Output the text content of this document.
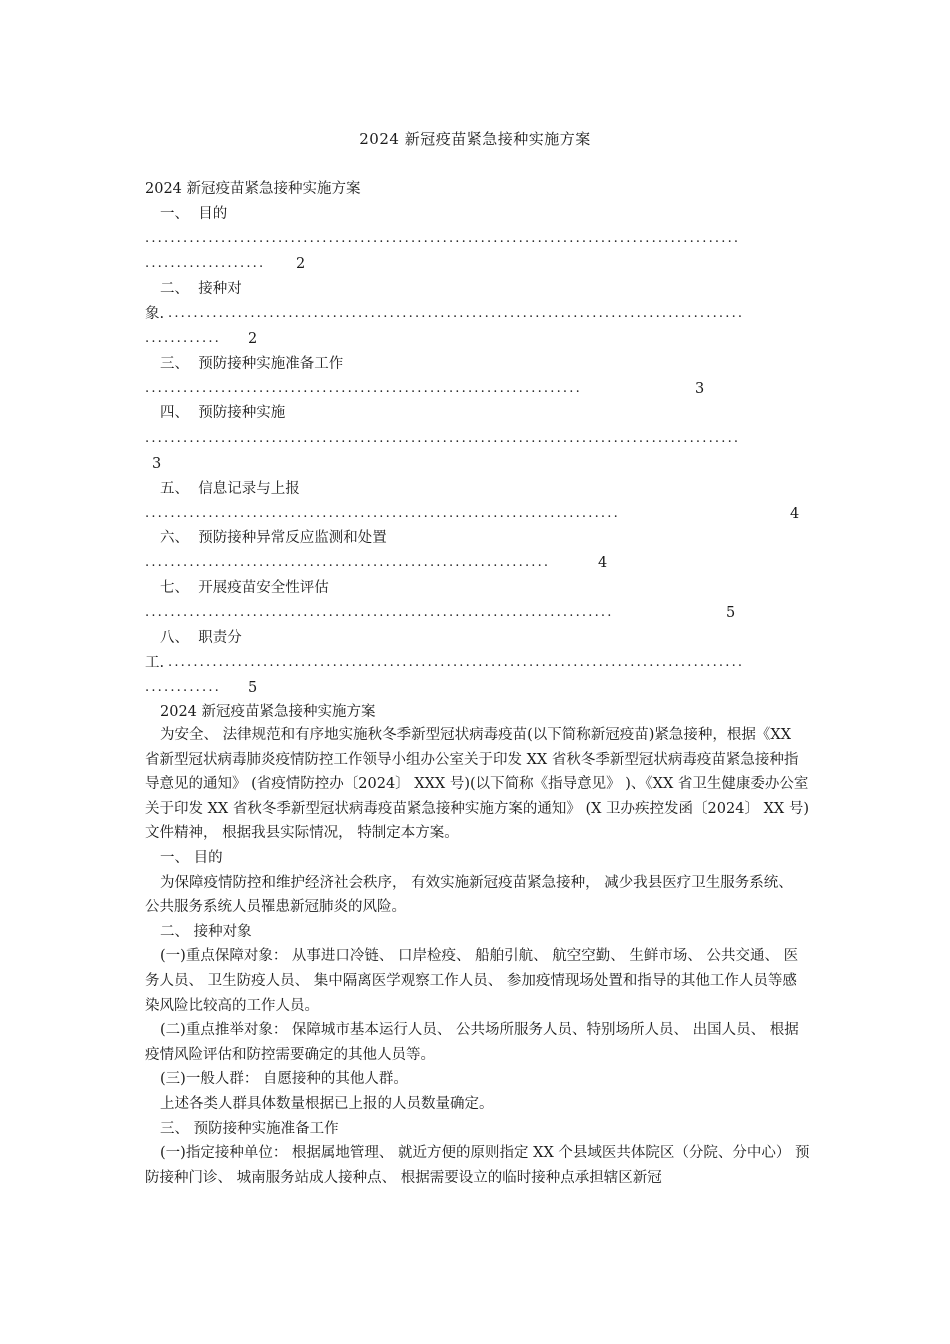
2024 新冠疫苗紧急接种实施方案
2024 新冠疫苗紧急接种实施方案
一、  目的
..............................................................................................
...................	2
二、  接种对
象. ...........................................................................................
............	2
三、  预防接种实施准备工作
.....................................................................	3
四、  预防接种实施
..............................................................................................
3
五、  信息记录与上报
...........................................................................	4
六、  预防接种异常反应监测和处置
................................................................	4
七、  开展疫苗安全性评估
..........................................................................	5
八、  职责分
工. ...........................................................................................
............	5
2024 新冠疫苗紧急接种实施方案

为安全、 法律规范和有序地实施秋冬季新型冠状病毒疫苗(以下简称新冠疫苗)紧急接种，根据《XX 省新型冠状病毒肺炎疫情防控工作领导小组办公室关于印发 XX 省秋冬季新型冠状病毒疫苗紧急接种指导意见的通知》 (省疫情防控办〔2024〕 XXX 号)(以下简称《指导意见》 )、《XX 省卫生健康委办公室关于印发 XX 省秋冬季新型冠状病毒疫苗紧急接种实施方案的通知》 (X 卫办疾控发函〔2024〕 XX 号)文件精神， 根据我县实际情况， 特制定本方案。

一、 目的

为保障疫情防控和维护经济社会秩序， 有效实施新冠疫苗紧急接种， 减少我县医疗卫生服务系统、 公共服务系统人员罹患新冠肺炎的风险。

二、 接种对象

(一)重点保障对象： 从事进口冷链、 口岸检疫、 船舶引航、 航空空勤、 生鲜市场、 公共交通、 医务人员、 卫生防疫人员、 集中隔离医学观察工作人员、 参加疫情现场处置和指导的其他工作人员等感染风险比较高的工作人员。

(二)重点推举对象： 保障城市基本运行人员、 公共场所服务人员、特别场所人员、 出国人员、 根据疫情风险评估和防控需要确定的其他人员等。

(三)一般人群： 自愿接种的其他人群。

上述各类人群具体数量根据已上报的人员数量确定。

三、 预防接种实施准备工作

(一)指定接种单位： 根据属地管理、 就近方便的原则指定 XX 个县域医共体院区（分院、分中心） 预防接种门诊、 城南服务站成人接种点、 根据需要设立的临时接种点承担辖区新冠
